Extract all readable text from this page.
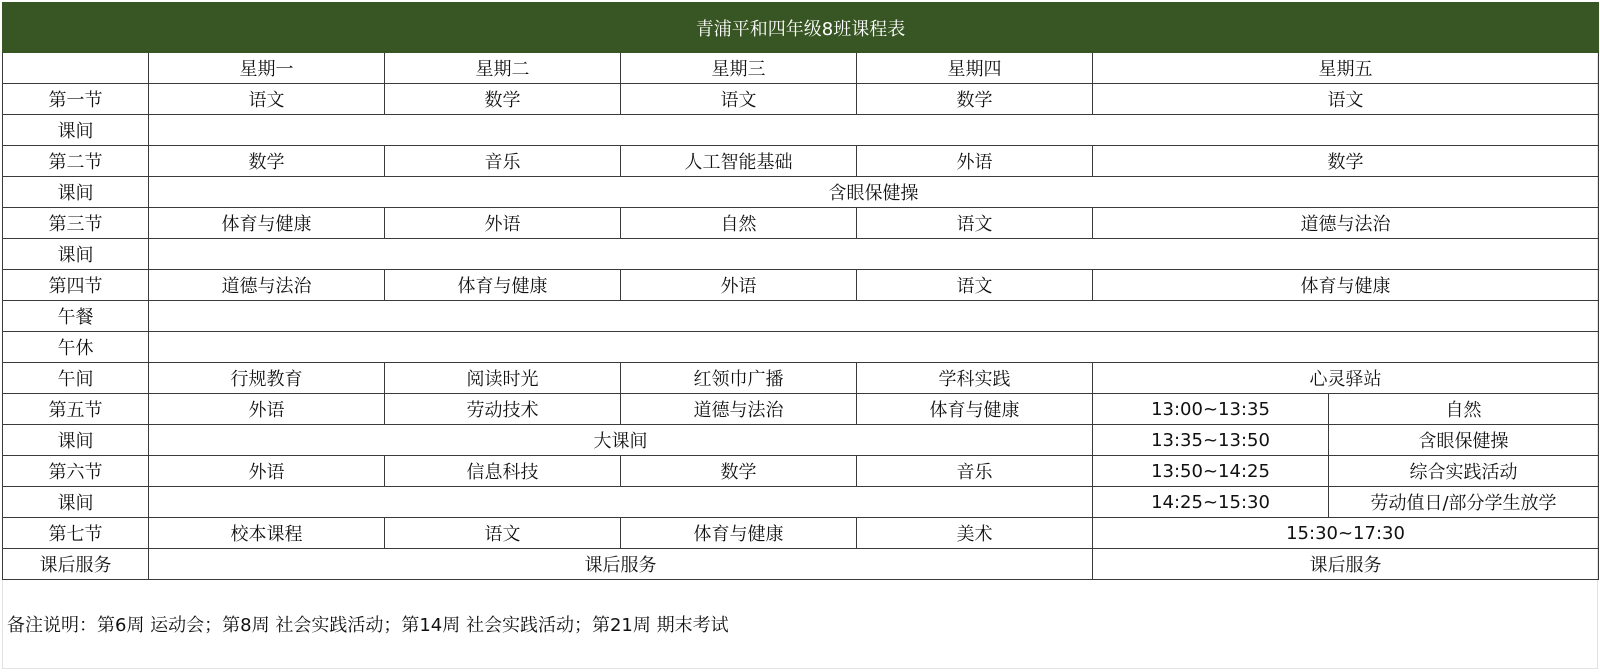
青浦平和四年级8班课程表						
	星期一	星期二	星期三	星期四	星期五	
第一节	语文	数学	语文	数学	语文	
课间						
第二节	数学	音乐	人工智能基础	外语	数学	
课间	含眼保健操					
第三节	体育与健康	外语	自然	语文	道德与法治	
课间						
第四节	道德与法治	体育与健康	外语	语文	体育与健康	
午餐						
午休						
午间	行规教育	阅读时光	红领巾广播	学科实践	心灵驿站	
第五节	外语	劳动技术	道德与法治	体育与健康	13:00~13:35	自然
课间	大课间				13:35~13:50	含眼保健操
第六节	外语	信息科技	数学	音乐	13:50~14:25	综合实践活动
课间					14:25~15:30	劳动值日/部分学生放学
第七节	校本课程	语文	体育与健康	美术	15:30~17:30	
课后服务	课后服务				课后服务	
备注说明：第6周 运动会；第8周 社会实践活动；第14周 社会实践活动；第21周 期末考试
